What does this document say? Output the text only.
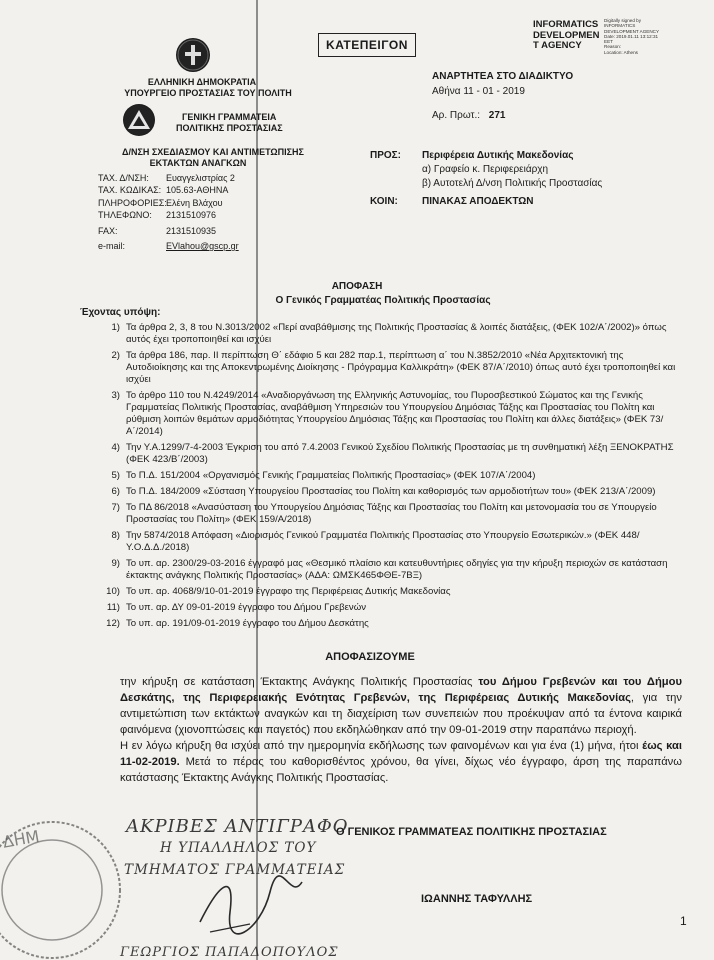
ΕΛΛΗΝΙΚΗ ΔΗΜΟΚΡΑΤΙΑ
ΥΠΟΥΡΓΕΙΟ ΠΡΟΣΤΑΣΙΑΣ ΤΟΥ ΠΟΛΙΤΗ
ΓΕΝΙΚΗ ΓΡΑΜΜΑΤΕΙΑ
ΠΟΛΙΤΙΚΗΣ ΠΡΟΣΤΑΣΙΑΣ
ΚΑΤΕΠΕΙΓΟΝ
INFORMATICS
DEVELOPMEN
T AGENCY
Digitally signed by
INFORMATICS
DEVELOPMENT AGENCY
Date: 2019.01.11 13:12:31
EET
Reason:
Location: Athens
ΑΝΑΡΤΗΤΕΑ ΣΤΟ ΔΙΑΔΙΚΤΥΟ
Αθήνα 11 - 01 - 2019
Αρ. Πρωτ.: 271
Δ/ΝΣΗ ΣΧΕΔΙΑΣΜΟΥ ΚΑΙ ΑΝΤΙΜΕΤΩΠΙΣΗΣ
ΕΚΤΑΚΤΩΝ ΑΝΑΓΚΩΝ
ΤΑΧ. Δ/ΝΣΗ: Ευαγγελιστρίας 2
ΤΑΧ. ΚΩΔΙΚΑΣ: 105.63-ΑΘΗΝΑ
ΠΛΗΡΟΦΟΡΙΕΣ:Ελένη Βλάχου
ΤΗΛΕΦΩΝΟ: 2131510976
FAX:	2131510935
e-mail:	EVlahou@gscp.gr
ΠΡΟΣ: Περιφέρεια Δυτικής Μακεδονίας
α) Γραφείο κ. Περιφερειάρχη
β) Αυτοτελή Δ/νση Πολιτικής Προστασίας
ΚΟΙΝ: ΠΙΝΑΚΑΣ ΑΠΟΔΕΚΤΩΝ
ΑΠΟΦΑΣΗ
Ο Γενικός Γραμματέας Πολιτικής Προστασίας
Έχοντας υπόψη:
1) Τα άρθρα 2, 3, 8 του Ν.3013/2002 «Περί αναβάθμισης της Πολιτικής Προστασίας & λοιπές διατάξεις, (ΦΕΚ 102/Α΄/2002)» όπως αυτός έχει τροποποιηθεί και ισχύει
2) Τα άρθρα 186, παρ. ΙΙ περίπτωση Θ΄ εδάφιο 5 και 282 παρ.1, περίπτωση α΄ του Ν.3852/2010 «Νέα Αρχιτεκτονική της Αυτοδιοίκησης και της Αποκεντρωμένης Διοίκησης - Πρόγραμμα Καλλικράτη» (ΦΕΚ 87/Α΄/2010) όπως αυτό έχει τροποποιηθεί και ισχύει
3) Το άρθρο 110 του Ν.4249/2014 «Αναδιοργάνωση της Ελληνικής Αστυνομίας, του Πυροσβεστικού Σώματος και της Γενικής Γραμματείας Πολιτικής Προστασίας, αναβάθμιση Υπηρεσιών του Υπουργείου Δημόσιας Τάξης και Προστασίας του Πολίτη και ρύθμιση λοιπών θεμάτων αρμοδιότητας Υπουργείου Δημόσιας Τάξης και Προστασίας του Πολίτη και άλλες διατάξεις» (ΦΕΚ 73/Α΄/2014)
4) Την Υ.Α.1299/7-4-2003 Έγκριση του από 7.4.2003 Γενικού Σχεδίου Πολιτικής Προστασίας με τη συνθηματική λέξη ΞΕΝΟΚΡΑΤΗΣ (ΦΕΚ 423/Β΄/2003)
5) Το Π.Δ. 151/2004 «Οργανισμός Γενικής Γραμματείας Πολιτικής Προστασίας» (ΦΕΚ 107/Α΄/2004)
6) Το Π.Δ. 184/2009 «Σύσταση Υπουργείου Προστασίας του Πολίτη και καθορισμός των αρμοδιοτήτων του» (ΦΕΚ 213/Α΄/2009)
7) Το ΠΔ 86/2018 «Ανασύσταση του Υπουργείου Δημόσιας Τάξης και Προστασίας του Πολίτη και μετονομασία του σε Υπουργείο Προστασίας του Πολίτη» (ΦΕΚ 159/Α/2018)
8) Την 5874/2018 Απόφαση «Διορισμός Γενικού Γραμματέα Πολιτικής Προστασίας στο Υπουργείο Εσωτερικών.» (ΦΕΚ 448/Υ.Ο.Δ.Δ./2018)
9) Το υπ. αρ. 2300/29-03-2016 έγγραφό μας «Θεσμικό πλαίσιο και κατευθυντήριες οδηγίες για την κήρυξη περιοχών σε κατάσταση έκτακτης ανάγκης Πολιτικής Προστασίας» (ΑΔΑ: ΩΜΣΚ465ΦΘΕ-7ΒΞ)
10) Το υπ. αρ. 4068/9/10-01-2019 έγγραφο της Περιφέρειας Δυτικής Μακεδονίας
11) Το υπ. αρ. ΔΥ 09-01-2019 έγγραφο του Δήμου Γρεβενών
12) Το υπ. αρ. 191/09-01-2019 έγγραφο του Δήμου Δεσκάτης
ΑΠΟΦΑΣΙΖΟΥΜΕ
την κήρυξη σε κατάσταση Έκτακτης Ανάγκης Πολιτικής Προστασίας του Δήμου Γρεβενών και του Δήμου Δεσκάτης, της Περιφερειακής Ενότητας Γρεβενών, της Περιφέρειας Δυτικής Μακεδονίας, για την αντιμετώπιση των εκτάκτων αναγκών και τη διαχείριση των συνεπειών που προέκυψαν από τα έντονα καιρικά φαινόμενα (χιονοπτώσεις και παγετός) που εκδηλώθηκαν από την 09-01-2019 στην παραπάνω περιοχή.
Η εν λόγω κήρυξη θα ισχύει από την ημερομηνία εκδήλωσης των φαινομένων και για ένα (1) μήνα, ήτοι έως και 11-02-2019. Μετά το πέρας του καθορισθέντος χρόνου, θα γίνει, δίχως νέο έγγραφο, άρση της παραπάνω κατάστασης Έκτακτης Ανάγκης Πολιτικής Προστασίας.
ΔΗΜ
ΑΚΡΙΒΕΣ ΑΝΤΙΓΡΑΦΟ
Η ΥΠΑΛΛΗΛΟΣ ΤΟΥ
ΤΜΗΜΑΤΟΣ ΓΡΑΜΜΑΤΕΙΑΣ
ΓΕΩΡΓΙΟΣ ΠΑΠΑΔΟΠΟΥΛΟΣ
Ο ΓΕΝΙΚΟΣ ΓΡΑΜΜΑΤΕΑΣ ΠΟΛΙΤΙΚΗΣ ΠΡΟΣΤΑΣΙΑΣ
ΙΩΑΝΝΗΣ ΤΑΦΥΛΛΗΣ
1
